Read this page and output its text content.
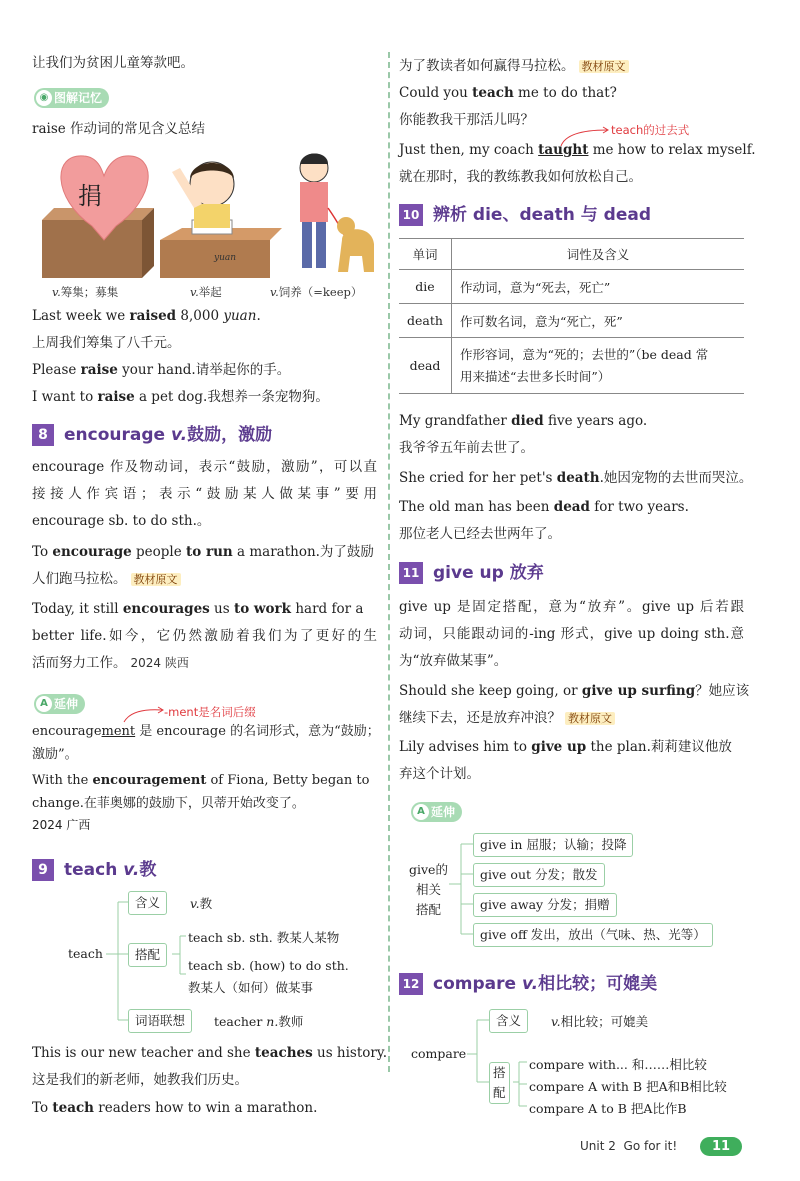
让我们为贫困儿童筹款吧。
◉ 图解记忆
raise 作动词的常见含义总结
捐
yuan
v.筹集；募集	v.举起	v.饲养（=keep）
Last week we raised 8,000 yuan.
上周我们筹集了八千元。
Please raise your hand.请举起你的手。
I want to raise a pet dog.我想养一条宠物狗。
8 encourage v.鼓励，激励
encourage 作及物动词，表示“鼓励，激励”，可以直
接接人作宾语；表示“鼓励某人做某事”要用
encourage sb. to do sth.。
To encourage people to run a marathon.为了鼓励
人们跑马拉松。 教材原文
Today, it still encourages us to work hard for a
better life.如今，它仍然激励着我们为了更好的生
活而努力工作。 2024 陕西
A 延伸
-ment是名词后缀
encouragement 是 encourage 的名词形式，意为“鼓励；
激励”。
With the encouragement of Fiona, Betty began to
change.在菲奥娜的鼓励下，贝蒂开始改变了。
2024 广西
9 teach v.教
teach
含义	v.教
搭配
teach sb. sth. 教某人某物
teach sb. (how) to do sth.
教某人（如何）做某事
词语联想	teacher n.教师
This is our new teacher and she teaches us history.
这是我们的新老师，她教我们历史。
To teach readers how to win a marathon.
为了教读者如何赢得马拉松。 教材原文
Could you teach me to do that?
你能教我干那活儿吗？
teach的过去式
Just then, my coach taught me how to relax myself.
就在那时，我的教练教我如何放松自己。
10 辨析 die、death 与 dead
单词	词性及含义
die	作动词，意为“死去，死亡”
death	作可数名词，意为“死亡，死”
dead	作形容词，意为“死的；去世的”（be dead 常
用来描述“去世多长时间”）
My grandfather died five years ago.
我爷爷五年前去世了。
She cried for her pet's death.她因宠物的去世而哭泣。
The old man has been dead for two years.
那位老人已经去世两年了。
11 give up 放弃
give up 是固定搭配，意为“放弃”。give up 后若跟
动词，只能跟动词的-ing 形式，give up doing sth.意
为“放弃做某事”。
Should she keep going, or give up surfing？她应该
继续下去，还是放弃冲浪？ 教材原文
Lily advises him to give up the plan.莉莉建议他放
弃这个计划。
A 延伸
give的
相关
搭配
give in 屈服；认输；投降
give out 分发；散发
give away 分发；捐赠
give off 发出，放出（气味、热、光等）
12 compare v.相比较；可媲美
compare
含义	v.相比较；可媲美
搭
配
compare with... 和……相比较
compare A with B 把A和B相比较
compare A to B 把A比作B
Unit 2 Go for it!	11
